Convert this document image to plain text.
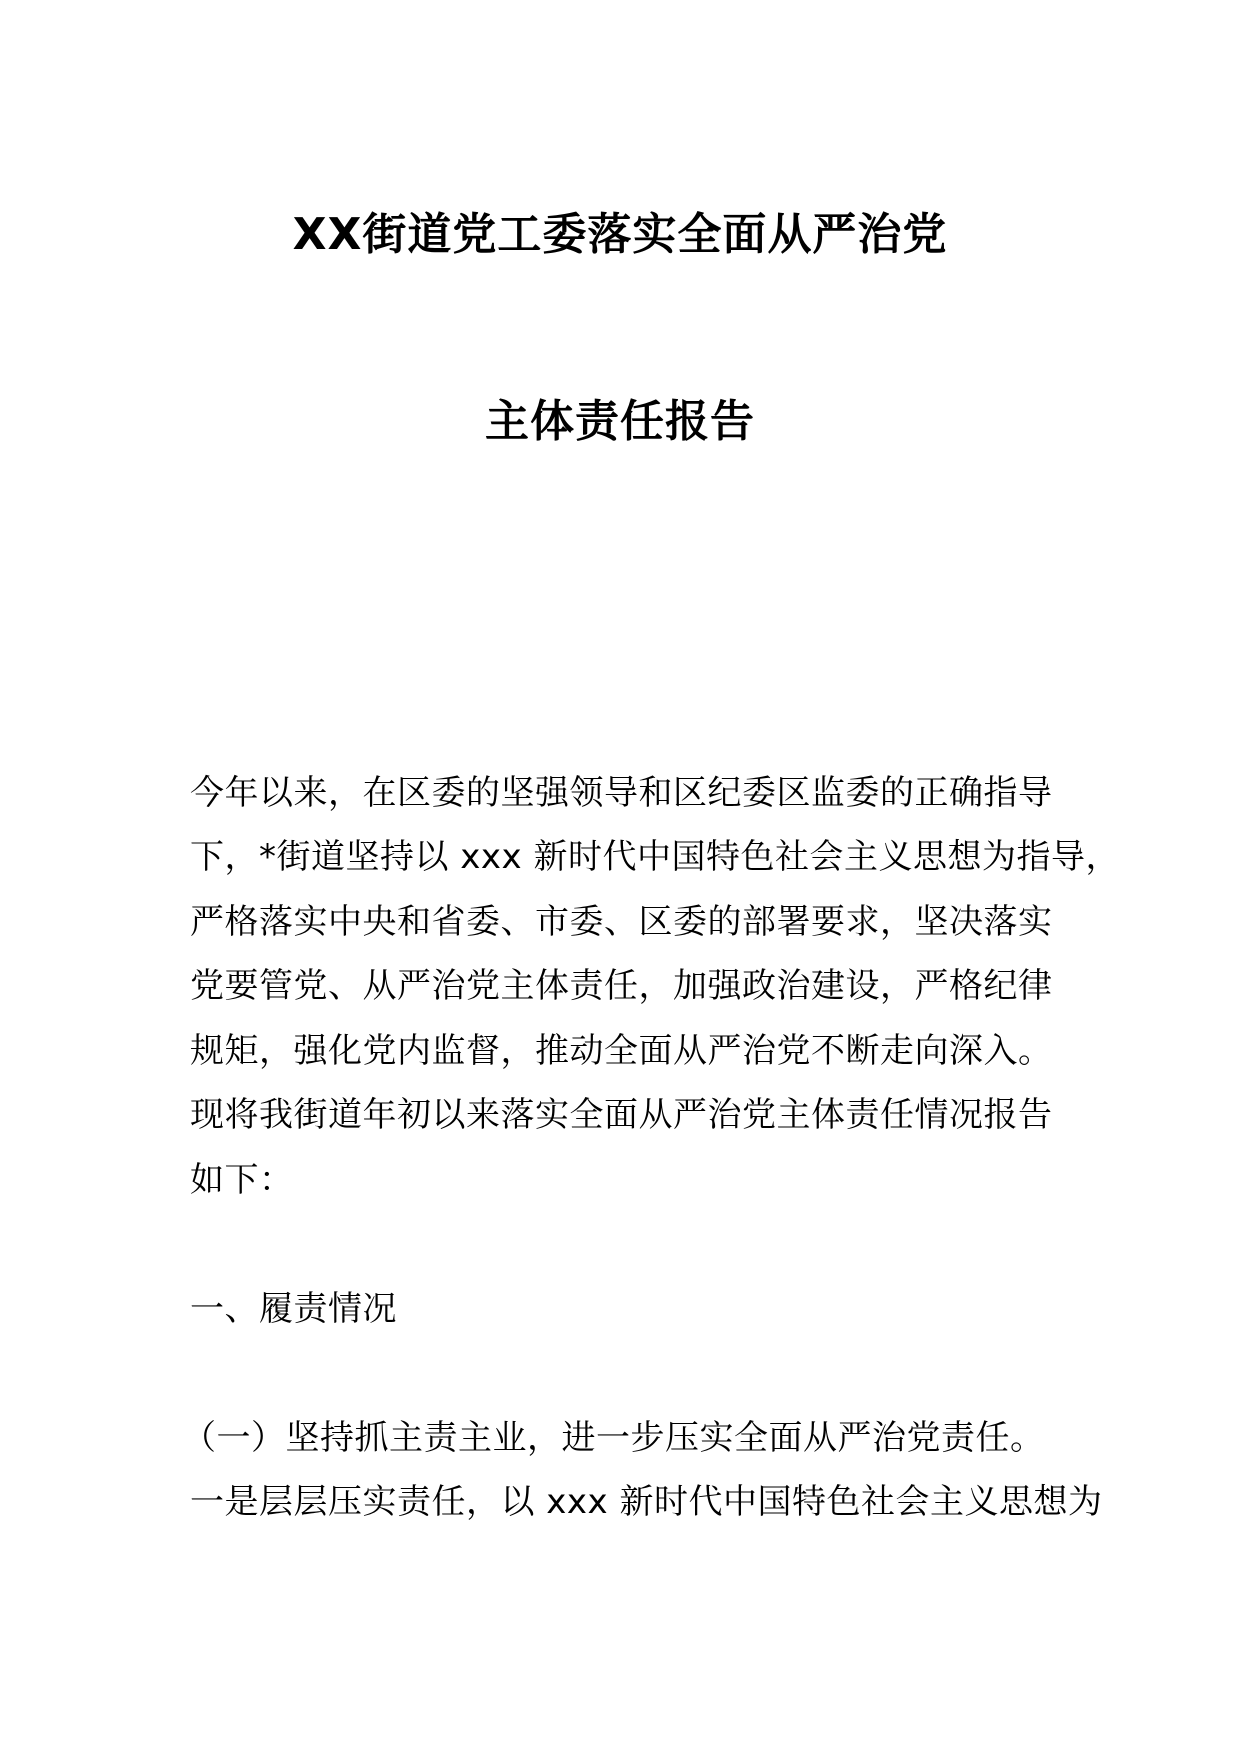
XX街道党工委落实全面从严治党
主体责任报告
今年以来，在区委的坚强领导和区纪委区监委的正确指导
下，*街道坚持以 xxx 新时代中国特色社会主义思想为指导，
严格落实中央和省委、市委、区委的部署要求，坚决落实
党要管党、从严治党主体责任，加强政治建设，严格纪律
规矩，强化党内监督，推动全面从严治党不断走向深入。
现将我街道年初以来落实全面从严治党主体责任情况报告
如下：
一、履责情况
（一）坚持抓主责主业，进一步压实全面从严治党责任。
一是层层压实责任，以 xxx 新时代中国特色社会主义思想为
